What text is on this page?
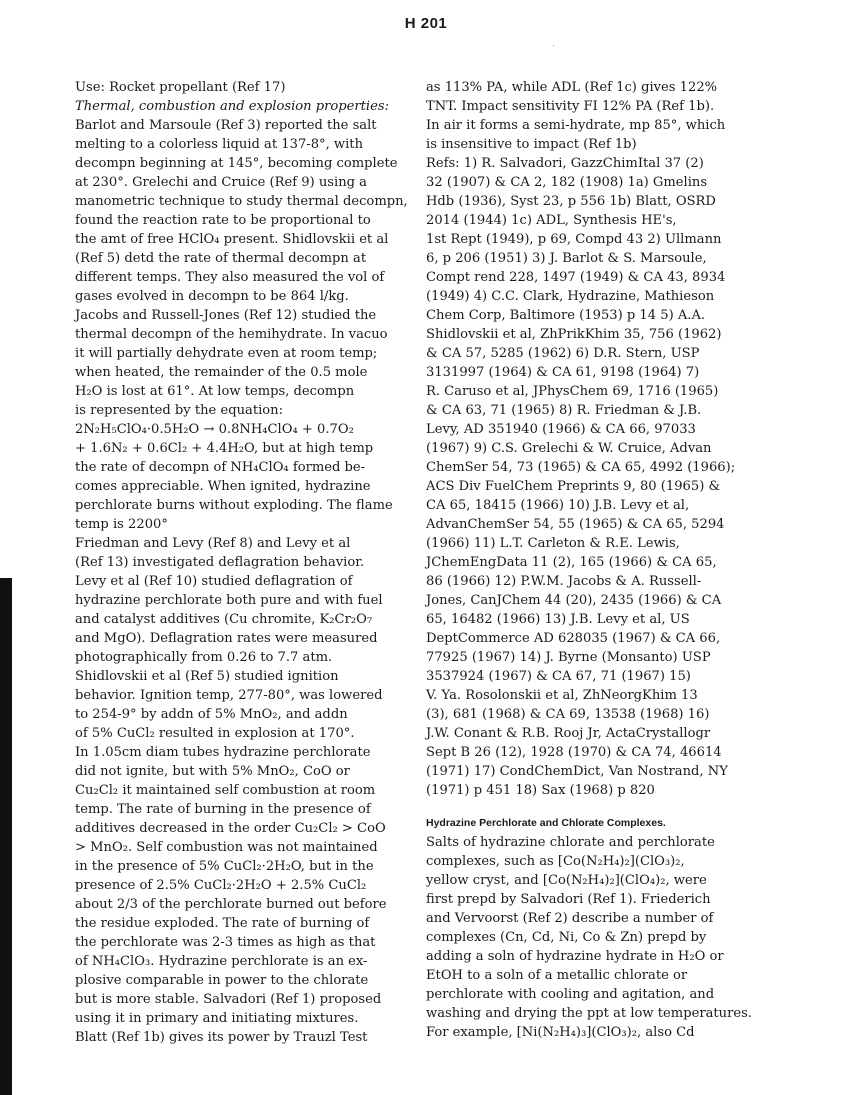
H 201
Use: Rocket propellant (Ref 17)
Thermal, combustion and explosion properties:
Barlot and Marsoule (Ref 3) reported the salt
melting to a colorless liquid at 137-8°, with
decompn beginning at 145°, becoming complete
at 230°. Grelechi and Cruice (Ref 9) using a
manometric technique to study thermal decompn,
found the reaction rate to be proportional to
the amt of free HClO₄ present. Shidlovskii et al
(Ref 5) detd the rate of thermal decompn at
different temps. They also measured the vol of
gases evolved in decompn to be 864 l/kg.
Jacobs and Russell-Jones (Ref 12) studied the
thermal decompn of the hemihydrate. In vacuo
it will partially dehydrate even at room temp;
when heated, the remainder of the 0.5 mole
H₂O is lost at 61°. At low temps, decompn
is represented by the equation:
2N₂H₅ClO₄·0.5H₂O → 0.8NH₄ClO₄ + 0.7O₂
+ 1.6N₂ + 0.6Cl₂ + 4.4H₂O, but at high temp
the rate of decompn of NH₄ClO₄ formed be-
comes appreciable. When ignited, hydrazine
perchlorate burns without exploding. The flame
temp is 2200°
Friedman and Levy (Ref 8) and Levy et al
(Ref 13) investigated deflagration behavior.
Levy et al (Ref 10) studied deflagration of
hydrazine perchlorate both pure and with fuel
and catalyst additives (Cu chromite, K₂Cr₂O₇
and MgO). Deflagration rates were measured
photographically from 0.26 to 7.7 atm.
Shidlovskii et al (Ref 5) studied ignition
behavior. Ignition temp, 277-80°, was lowered
to 254-9° by addn of 5% MnO₂, and addn
of 5% CuCl₂ resulted in explosion at 170°.
In 1.05cm diam tubes hydrazine perchlorate
did not ignite, but with 5% MnO₂, CoO or
Cu₂Cl₂ it maintained self combustion at room
temp. The rate of burning in the presence of
additives decreased in the order Cu₂Cl₂ > CoO
> MnO₂. Self combustion was not maintained
in the presence of 5% CuCl₂·2H₂O, but in the
presence of 2.5% CuCl₂·2H₂O + 2.5% CuCl₂
about 2/3 of the perchlorate burned out before
the residue exploded. The rate of burning of
the perchlorate was 2-3 times as high as that
of NH₄ClO₃. Hydrazine perchlorate is an ex-
plosive comparable in power to the chlorate
but is more stable. Salvadori (Ref 1) proposed
using it in primary and initiating mixtures.
Blatt (Ref 1b) gives its power by Trauzl Test
as 113% PA, while ADL (Ref 1c) gives 122%
TNT. Impact sensitivity FI 12% PA (Ref 1b).
In air it forms a semi-hydrate, mp 85°, which
is insensitive to impact (Ref 1b)
Refs: 1) R. Salvadori, GazzChimItal 37 (2)
32 (1907) & CA 2, 182 (1908) 1a) Gmelins
Hdb (1936), Syst 23, p 556 1b) Blatt, OSRD
2014 (1944) 1c) ADL, Synthesis HE's,
1st Rept (1949), p 69, Compd 43 2) Ullmann
6, p 206 (1951) 3) J. Barlot & S. Marsoule,
Compt rend 228, 1497 (1949) & CA 43, 8934
(1949) 4) C.C. Clark, Hydrazine, Mathieson
Chem Corp, Baltimore (1953) p 14 5) A.A.
Shidlovskii et al, ZhPrikKhim 35, 756 (1962)
& CA 57, 5285 (1962) 6) D.R. Stern, USP
3131997 (1964) & CA 61, 9198 (1964) 7)
R. Caruso et al, JPhysChem 69, 1716 (1965)
& CA 63, 71 (1965) 8) R. Friedman & J.B.
Levy, AD 351940 (1966) & CA 66, 97033
(1967) 9) C.S. Grelechi & W. Cruice, Advan
ChemSer 54, 73 (1965) & CA 65, 4992 (1966);
ACS Div FuelChem Preprints 9, 80 (1965) &
CA 65, 18415 (1966) 10) J.B. Levy et al,
AdvanChemSer 54, 55 (1965) & CA 65, 5294
(1966) 11) L.T. Carleton & R.E. Lewis,
JChemEngData 11 (2), 165 (1966) & CA 65,
86 (1966) 12) P.W.M. Jacobs & A. Russell-
Jones, CanJChem 44 (20), 2435 (1966) & CA
65, 16482 (1966) 13) J.B. Levy et al, US
DeptCommerce AD 628035 (1967) & CA 66,
77925 (1967) 14) J. Byrne (Monsanto) USP
3537924 (1967) & CA 67, 71 (1967) 15)
V. Ya. Rosolonskii et al, ZhNeorgKhim 13
(3), 681 (1968) & CA 69, 13538 (1968) 16)
J.W. Conant & R.B. Rooj Jr, ActaCrystallogr
Sept B 26 (12), 1928 (1970) & CA 74, 46614
(1971) 17) CondChemDict, Van Nostrand, NY
(1971) p 451 18) Sax (1968) p 820
Hydrazine Perchlorate and Chlorate Complexes.
Salts of hydrazine chlorate and perchlorate
complexes, such as [Co(N₂H₄)₂](ClO₃)₂,
yellow cryst, and [Co(N₂H₄)₂](ClO₄)₂, were
first prepd by Salvadori (Ref 1). Friederich
and Vervoorst (Ref 2) describe a number of
complexes (Cn, Cd, Ni, Co & Zn) prepd by
adding a soln of hydrazine hydrate in H₂O or
EtOH to a soln of a metallic chlorate or
perchlorate with cooling and agitation, and
washing and drying the ppt at low temperatures.
For example, [Ni(N₂H₄)₃](ClO₃)₂, also Cd
·
